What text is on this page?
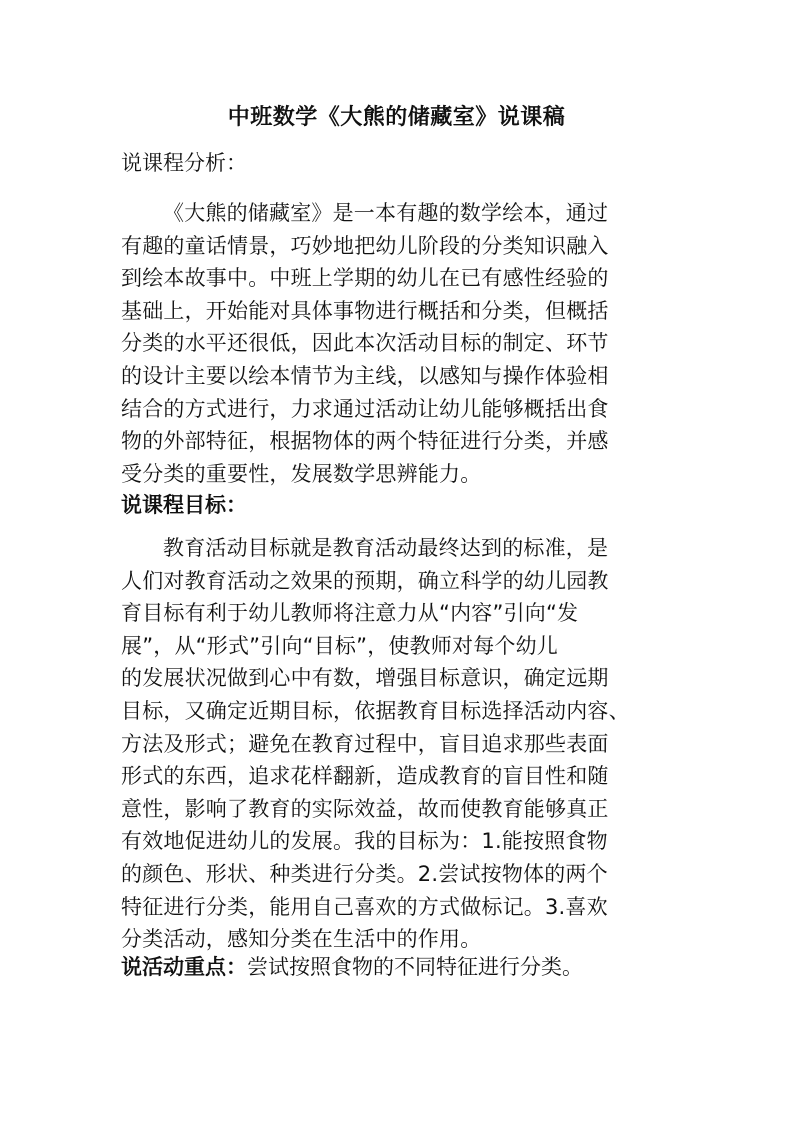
中班数学《大熊的储藏室》说课稿
说课程分析：
《大熊的储藏室》是一本有趣的数学绘本，通过
有趣的童话情景，巧妙地把幼儿阶段的分类知识融入
到绘本故事中。中班上学期的幼儿在已有感性经验的
基础上，开始能对具体事物进行概括和分类，但概括
分类的水平还很低，因此本次活动目标的制定、环节
的设计主要以绘本情节为主线，以感知与操作体验相
结合的方式进行，力求通过活动让幼儿能够概括出食
物的外部特征，根据物体的两个特征进行分类，并感
受分类的重要性，发展数学思辨能力。
说课程目标：
教育活动目标就是教育活动最终达到的标准，是
人们对教育活动之效果的预期，确立科学的幼儿园教
育目标有利于幼儿教师将注意力从“内容”引向“发
展”，从“形式”引向“目标”，使教师对每个幼儿
的发展状况做到心中有数，增强目标意识，确定远期
目标，又确定近期目标，依据教育目标选择活动内容、
方法及形式；避免在教育过程中，盲目追求那些表面
形式的东西，追求花样翻新，造成教育的盲目性和随
意性，影响了教育的实际效益，故而使教育能够真正
有效地促进幼儿的发展。我的目标为：1.能按照食物
的颜色、形状、种类进行分类。2.尝试按物体的两个
特征进行分类，能用自己喜欢的方式做标记。3.喜欢
分类活动，感知分类在生活中的作用。
说活动重点：尝试按照食物的不同特征进行分类。
